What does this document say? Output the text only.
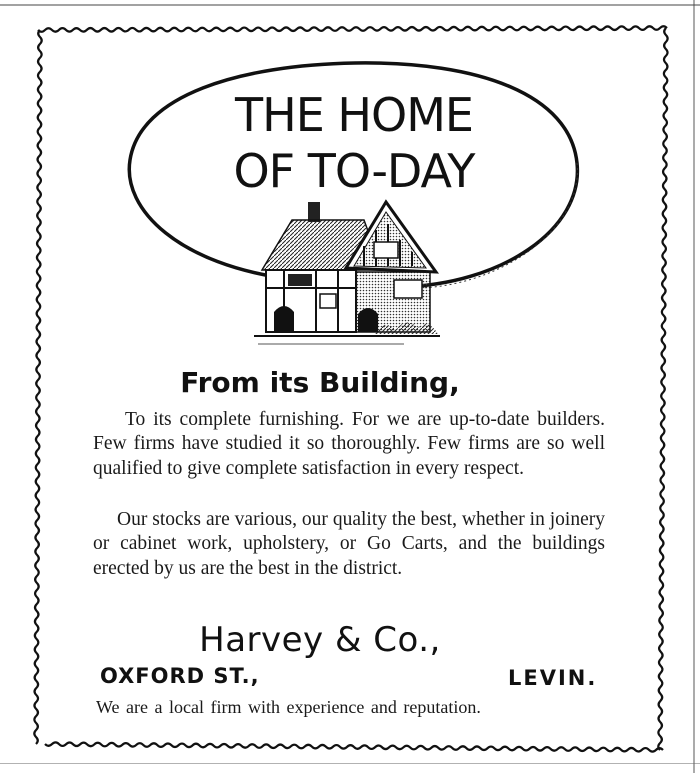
THE HOME
OF TO-DAY
From its Building,
To its complete furnishing. For we are up-to-date builders. Few firms have studied it so thoroughly. Few firms are so well qualified to give complete satisfaction in every respect.
Our stocks are various, our quality the best, whether in joinery or cabinet work, upholstery, or Go Carts, and the buildings erected by us are the best in the district.
Harvey & Co.,
OXFORD ST.,	LEVIN.
We are a local firm with experience and reputation.
